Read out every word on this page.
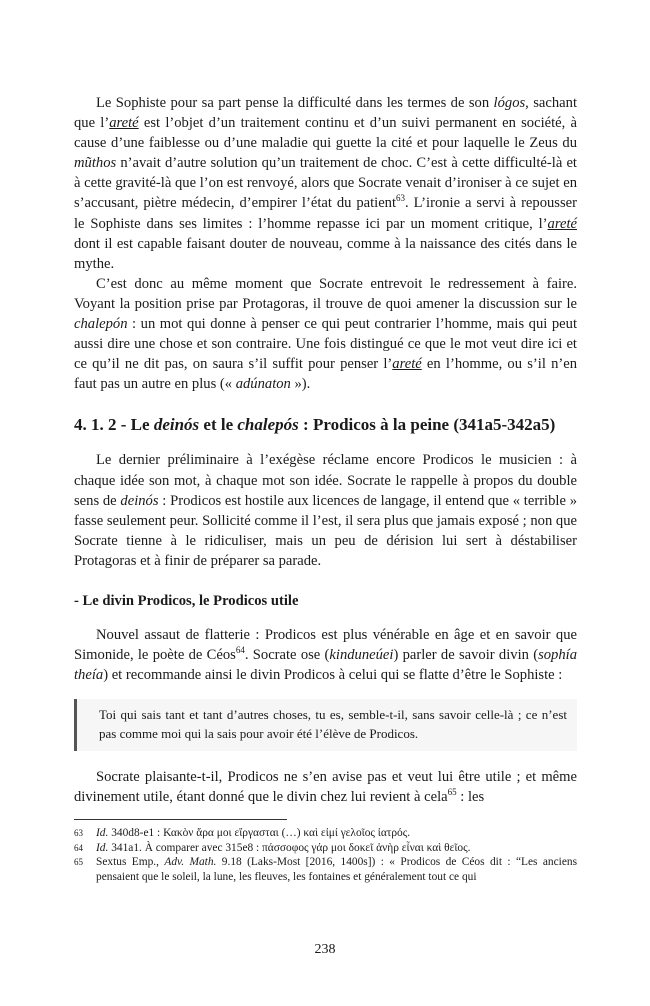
Le Sophiste pour sa part pense la difficulté dans les termes de son lógos, sachant que l’areté est l’objet d’un traitement continu et d’un suivi permanent en société, à cause d’une faiblesse ou d’une maladie qui guette la cité et pour laquelle le Zeus du mũthos n’avait d’autre solution qu’un traitement de choc. C’est à cette difficulté-là et à cette gravité-là que l’on est renvoyé, alors que Socrate venait d’ironiser à ce sujet en s’accusant, piètre médecin, d’empirer l’état du patient$^{63}$. L’ironie a servi à repousser le Sophiste dans ses limites : l’homme repasse ici par un moment critique, l’areté dont il est capable faisant douter de nouveau, comme à la naissance des cités dans le mythe.

C’est donc au même moment que Socrate entrevoit le redressement à faire. Voyant la position prise par Protagoras, il trouve de quoi amener la discussion sur le chalepón : un mot qui donne à penser ce qui peut contrarier l’homme, mais qui peut aussi dire une chose et son contraire. Une fois distingué ce que le mot veut dire ici et ce qu’il ne dit pas, on saura s’il suffit pour penser l’areté en l’homme, ou s’il n’en faut pas un autre en plus (« adúnaton »).

4. 1. 2 - Le deinós et le chalepós : Prodicos à la peine (341a5-342a5)

Le dernier préliminaire à l’exégèse réclame encore Prodicos le musicien : à chaque idée son mot, à chaque mot son idée. Socrate le rappelle à propos du double sens de deinós : Prodicos est hostile aux licences de langage, il entend que « terrible » fasse seulement peur. Sollicité comme il l’est, il sera plus que jamais exposé ; non que Socrate tienne à le ridiculiser, mais un peu de dérision lui sert à déstabiliser Protagoras et à finir de préparer sa parade.

- Le divin Prodicos, le Prodicos utile

Nouvel assaut de flatterie : Prodicos est plus vénérable en âge et en savoir que Simonide, le poète de Céos$^{64}$. Socrate ose (kinduneúei) parler de savoir divin (sophía theía) et recommande ainsi le divin Prodicos à celui qui se flatte d’être le Sophiste :

Toi qui sais tant et tant d’autres choses, tu es, semble-t-il, sans savoir celle-là ; ce n’est pas comme moi qui la sais pour avoir été l’élève de Prodicos.

Socrate plaisante-t-il, Prodicos ne s’en avise pas et veut lui être utile ; et même divinement utile, étant donné que le divin chez lui revient à cela$^{65}$ : les

63	Id. 340d8-e1 : Κακὸν ἄρα μοι εἴργασται (…) καὶ εἰμί γελοῖος ἰατρός.
64	Id. 341a1. À comparer avec 315e8 : πάσσοφος γάρ μοι δοκεῖ ἀνὴρ εἶναι καὶ θεῖος.
65	Sextus Emp., Adv. Math. 9.18 (Laks-Most [2016, 1400s]) : « Prodicos de Céos dit : “Les anciens pensaient que le soleil, la lune, les fleuves, les fontaines et généralement tout ce qui
238
